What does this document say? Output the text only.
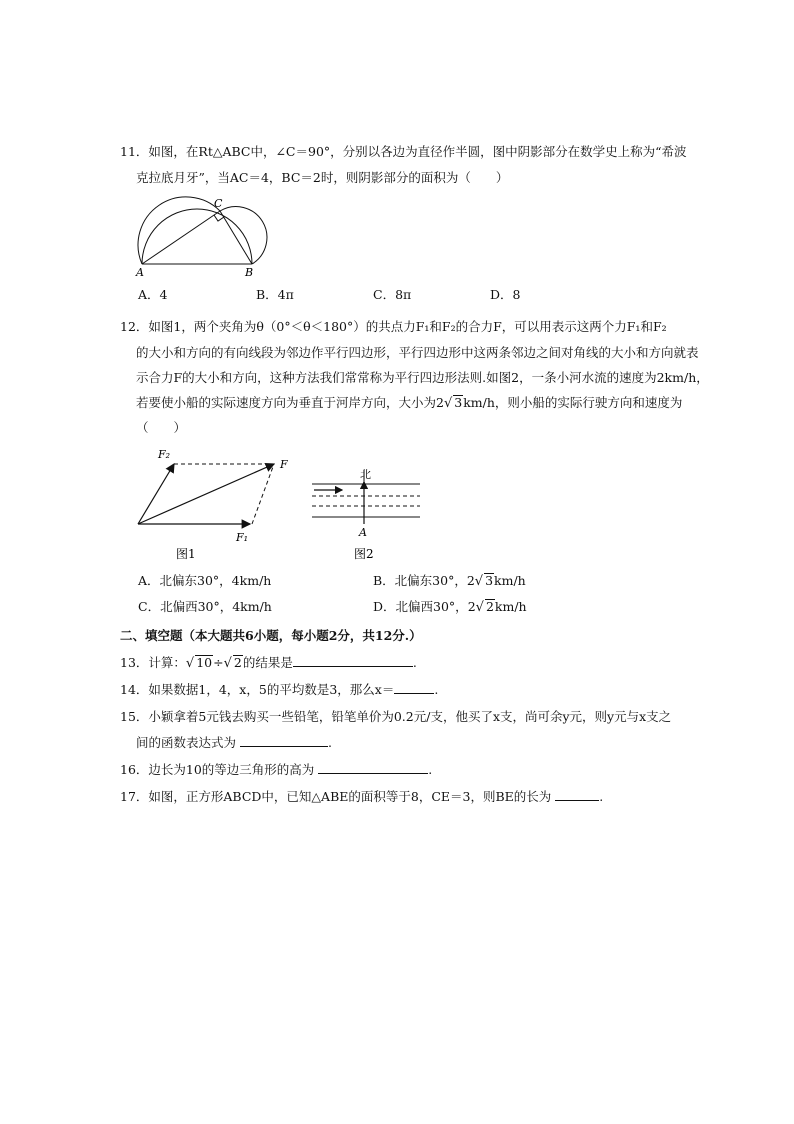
11．如图，在Rt△ABC中，∠C＝90°，分别以各边为直径作半圆，图中阴影部分在数学史上称为“希波
克拉底月牙”，当AC＝4，BC＝2时，则阴影部分的面积为（　　）
A	B
C
A．4	B．4π	C．8π	D．8
12．如图1，两个夹角为θ（0°＜θ＜180°）的共点力F₁和F₂的合力F，可以用表示这两个力F₁和F₂
的大小和方向的有向线段为邻边作平行四边形，平行四边形中这两条邻边之间对角线的大小和方向就表
示合力F的大小和方向，这种方法我们常常称为平行四边形法则.如图2，一条小河水流的速度为2km/h，
若要使小船的实际速度方向为垂直于河岸方向，大小为2√ 3km/h，则小船的实际行驶方向和速度为
（　　）
F₂
F
F₁
图1
北
A
图2
A．北偏东30°，4km/h	B．北偏东30°，2√ 3km/h
C．北偏西30°，4km/h	D．北偏西30°，2√ 2km/h
二、填空题（本大题共6小题，每小题2分，共12分.）
13．计算：√ 10÷√ 2的结果是	.
14．如果数据1，4，x，5的平均数是3，那么x＝	.
15．小颖拿着5元钱去购买一些铅笔，铅笔单价为0.2元/支，他买了x支，尚可余y元，则y元与x支之
间的函数表达式为	.
16．边长为10的等边三角形的高为	.
17．如图，正方形ABCD中，已知△ABE的面积等于8，CE＝3，则BE的长为	.
